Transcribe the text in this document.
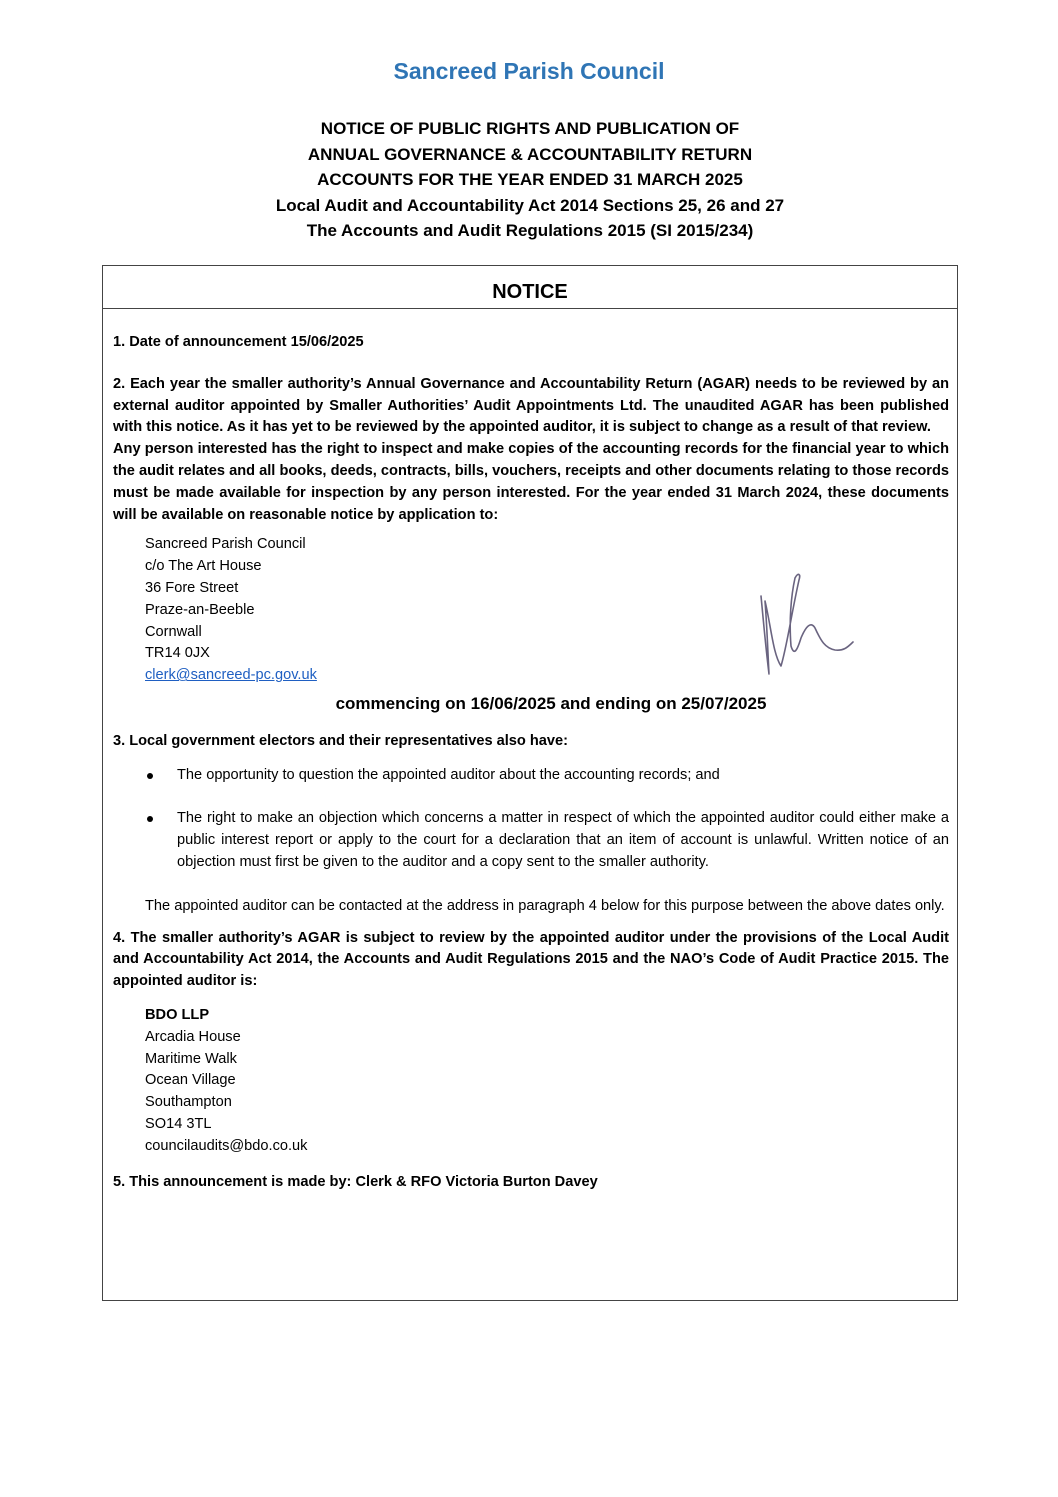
Sancreed Parish Council
NOTICE OF PUBLIC RIGHTS AND PUBLICATION OF
ANNUAL GOVERNANCE & ACCOUNTABILITY RETURN
ACCOUNTS FOR THE YEAR ENDED 31 MARCH 2025
Local Audit and Accountability Act 2014 Sections 25, 26 and 27
The Accounts and Audit Regulations 2015 (SI 2015/234)
NOTICE

1. Date of announcement 15/06/2025

2. Each year the smaller authority’s Annual Governance and Accountability Return (AGAR) needs to be reviewed by an external auditor appointed by Smaller Authorities’ Audit Appointments Ltd. The unaudited AGAR has been published with this notice. As it has yet to be reviewed by the appointed auditor, it is subject to change as a result of that review.

Any person interested has the right to inspect and make copies of the accounting records for the financial year to which the audit relates and all books, deeds, contracts, bills, vouchers, receipts and other documents relating to those records must be made available for inspection by any person interested. For the year ended 31 March 2024, these documents will be available on reasonable notice by application to:

Sancreed Parish Council
c/o The Art House
36 Fore Street
Praze-an-Beeble
Cornwall
TR14 0JX
clerk@sancreed-pc.gov.uk

commencing on 16/06/2025 and ending on 25/07/2025

3. Local government electors and their representatives also have:

The opportunity to question the appointed auditor about the accounting records; and
The right to make an objection which concerns a matter in respect of which the appointed auditor could either make a public interest report or apply to the court for a declaration that an item of account is unlawful. Written notice of an objection must first be given to the auditor and a copy sent to the smaller authority.

The appointed auditor can be contacted at the address in paragraph 4 below for this purpose between the above dates only.

4. The smaller authority’s AGAR is subject to review by the appointed auditor under the provisions of the Local Audit and Accountability Act 2014, the Accounts and Audit Regulations 2015 and the NAO’s Code of Audit Practice 2015. The appointed auditor is:

BDO LLP
Arcadia House
Maritime Walk
Ocean Village
Southampton
SO14 3TL
councilaudits@bdo.co.uk

5. This announcement is made by: Clerk & RFO Victoria Burton Davey
